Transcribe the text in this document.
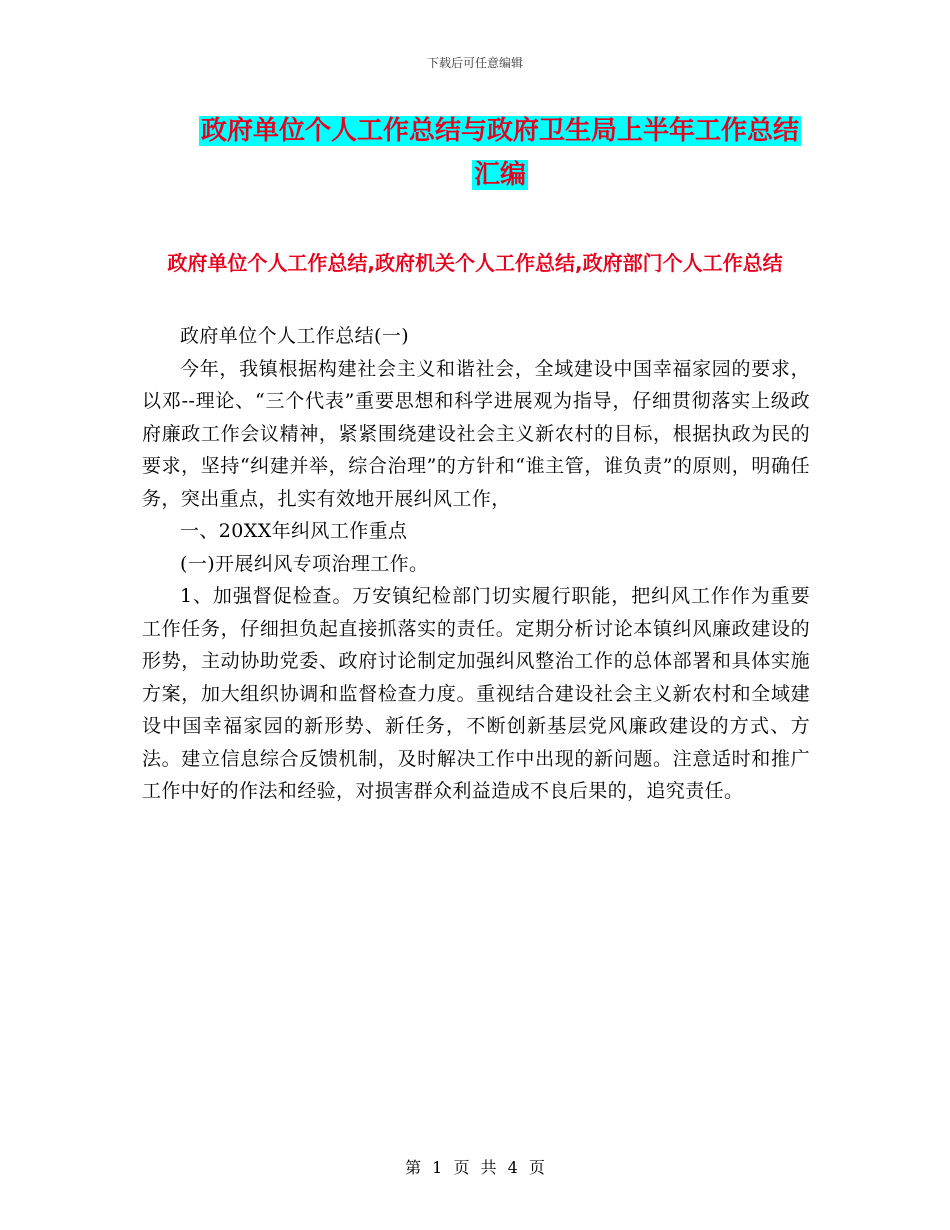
下载后可任意编辑
政府单位个人工作总结与政府卫生局上半年工作总结
汇编
政府单位个人工作总结,政府机关个人工作总结,政府部门个人工作总结

政府单位个人工作总结(一)

今年，我镇根据构建社会主义和谐社会，全域建设中国幸福家园的要求，以邓--理论、“三个代表”重要思想和科学进展观为指导，仔细贯彻落实上级政府廉政工作会议精神，紧紧围绕建设社会主义新农村的目标，根据执政为民的要求，坚持“纠建并举，综合治理”的方针和“谁主管，谁负责”的原则，明确任务，突出重点，扎实有效地开展纠风工作，

一、20XX年纠风工作重点

(一)开展纠风专项治理工作。

1、加强督促检查。万安镇纪检部门切实履行职能，把纠风工作作为重要工作任务，仔细担负起直接抓落实的责任。定期分析讨论本镇纠风廉政建设的形势，主动协助党委、政府讨论制定加强纠风整治工作的总体部署和具体实施方案，加大组织协调和监督检查力度。重视结合建设社会主义新农村和全域建设中国幸福家园的新形势、新任务，不断创新基层党风廉政建设的方式、方法。建立信息综合反馈机制，及时解决工作中出现的新问题。注意适时和推广工作中好的作法和经验，对损害群众利益造成不良后果的，追究责任。

第 1 页 共 4 页
